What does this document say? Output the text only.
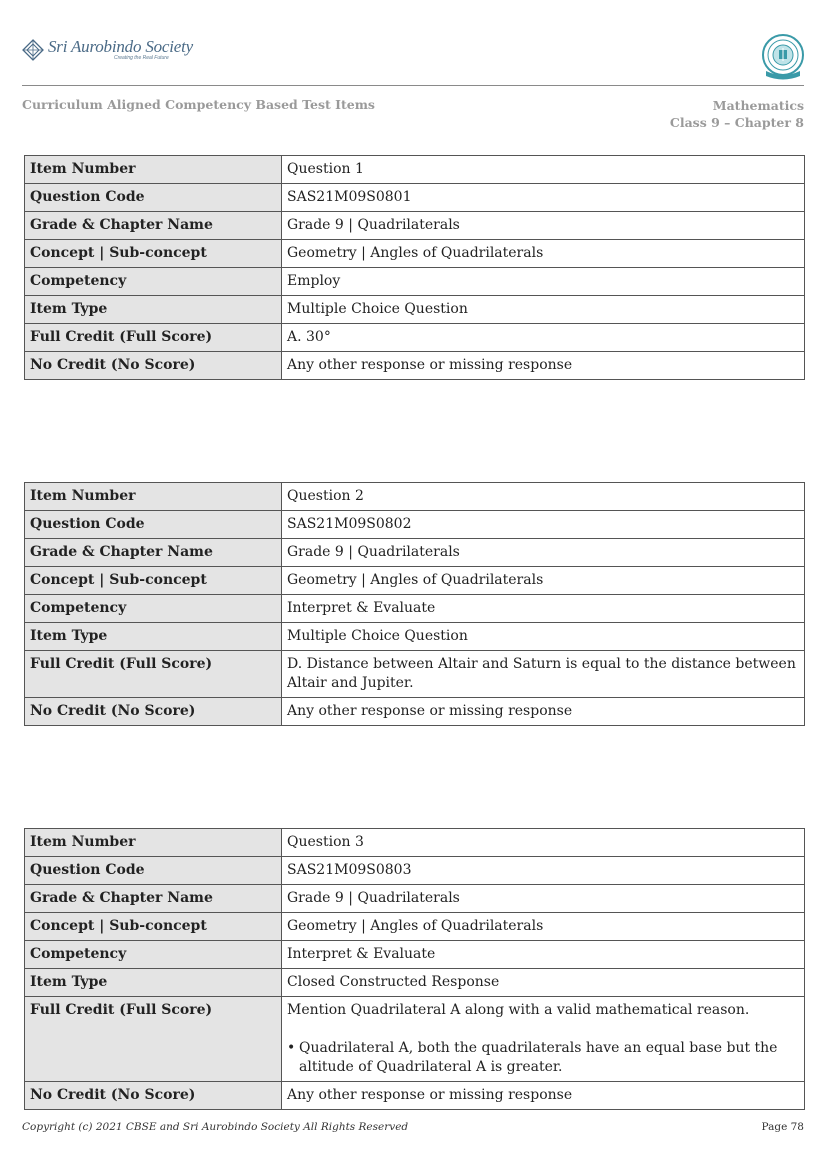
Sri Aurobindo Society
Creating the Real Future
Curriculum Aligned Competency Based Test Items	Mathematics
Class 9 – Chapter 8
Item Number	Question 1
Question Code	SAS21M09S0801
Grade & Chapter Name	Grade 9 | Quadrilaterals
Concept | Sub-concept	Geometry | Angles of Quadrilaterals
Competency	Employ
Item Type	Multiple Choice Question
Full Credit (Full Score)	A. 30°
No Credit (No Score)	Any other response or missing response
Item Number	Question 2
Question Code	SAS21M09S0802
Grade & Chapter Name	Grade 9 | Quadrilaterals
Concept | Sub-concept	Geometry | Angles of Quadrilaterals
Competency	Interpret & Evaluate
Item Type	Multiple Choice Question
Full Credit (Full Score)	D. Distance between Altair and Saturn is equal to the distance between Altair and Jupiter.
No Credit (No Score)	Any other response or missing response
Item Number	Question 3
Question Code	SAS21M09S0803
Grade & Chapter Name	Grade 9 | Quadrilaterals
Concept | Sub-concept	Geometry | Angles of Quadrilaterals
Competency	Interpret & Evaluate
Item Type	Closed Constructed Response
Full Credit (Full Score)	Mention Quadrilateral A along with a valid mathematical reason.
• Quadrilateral A, both the quadrilaterals have an equal base but the altitude of Quadrilateral A is greater.

No Credit (No Score)	Any other response or missing response
Copyright (c) 2021 CBSE and Sri Aurobindo Society All Rights Reserved	Page 78
